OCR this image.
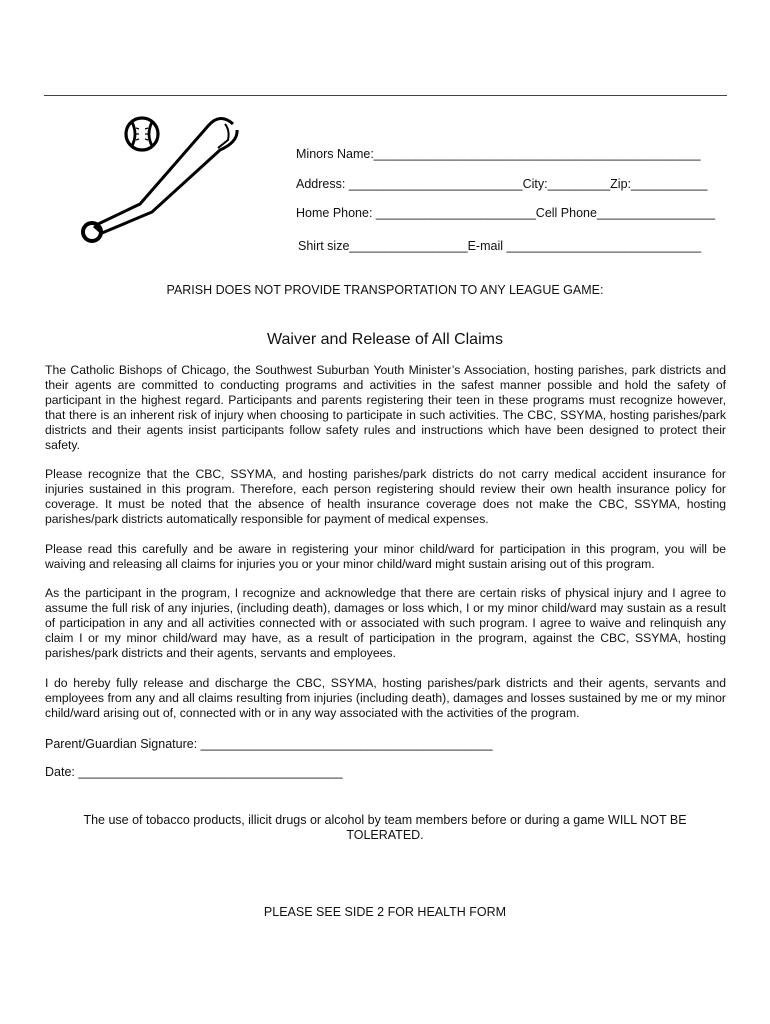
Minors Name:_______________________________________________
Address: _________________________City:_________Zip:___________
Home Phone: _______________________Cell Phone_________________
Shirt size_________________E-mail ____________________________
PARISH DOES NOT PROVIDE TRANSPORTATION TO ANY LEAGUE GAME:
Waiver and Release of All Claims

The Catholic Bishops of Chicago, the Southwest Suburban Youth Minister’s Association, hosting parishes, park districts and their agents are committed to conducting programs and activities in the safest manner possible and hold the safety of participant in the highest regard. Participants and parents registering their teen in these programs must recognize however, that there is an inherent risk of injury when choosing to participate in such activities. The CBC, SSYMA, hosting parishes/park districts and their agents insist participants follow safety rules and instructions which have been designed to protect their safety.

Please recognize that the CBC, SSYMA, and hosting parishes/park districts do not carry medical accident insurance for injuries sustained in this program. Therefore, each person registering should review their own health insurance policy for coverage. It must be noted that the absence of health insurance coverage does not make the CBC, SSYMA, hosting parishes/park districts automatically responsible for payment of medical expenses.

Please read this carefully and be aware in registering your minor child/ward for participation in this program, you will be waiving and releasing all claims for injuries you or your minor child/ward might sustain arising out of this program.

As the participant in the program, I recognize and acknowledge that there are certain risks of physical injury and I agree to assume the full risk of any injuries, (including death), damages or loss which, I or my minor child/ward may sustain as a result of participation in any and all activities connected with or associated with such program. I agree to waive and relinquish any claim I or my minor child/ward may have, as a result of participation in the program, against the CBC, SSYMA, hosting parishes/park districts and their agents, servants and employees.

I do hereby fully release and discharge the CBC, SSYMA, hosting parishes/park districts and their agents, servants and employees from any and all claims resulting from injuries (including death), damages and losses sustained by me or my minor child/ward arising out of, connected with or in any way associated with the activities of the program.

Parent/Guardian Signature: __________________________________________
Date: ______________________________________
The use of tobacco products, illicit drugs or alcohol by team members before or during a game WILL NOT BE
TOLERATED.
PLEASE SEE SIDE 2 FOR HEALTH FORM
